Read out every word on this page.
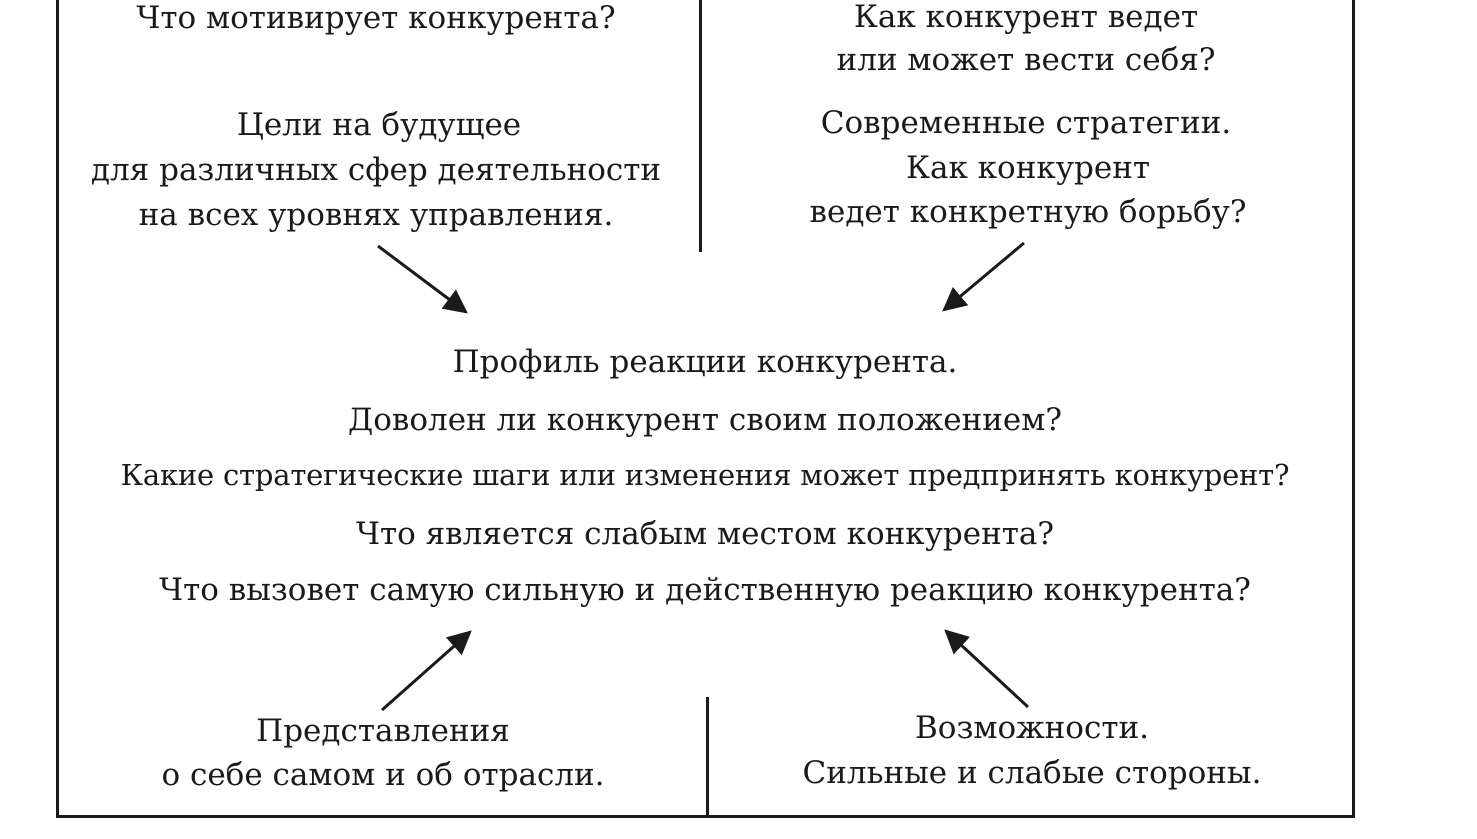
Что мотивирует конкурента?
Цели на будущее
для различных сфер деятельности
на всех уровнях управления.
Как конкурент ведет
или может вести себя?
Современные стратегии.
Как конкурент
ведет конкретную борьбу?
Профиль реакции конкурента.
Доволен ли конкурент своим положением?
Какие стратегические шаги или изменения может предпринять конкурент?
Что является слабым местом конкурента?
Что вызовет самую сильную и действенную реакцию конкурента?
Представления
о себе самом и об отрасли.
Возможности.
Сильные и слабые стороны.
